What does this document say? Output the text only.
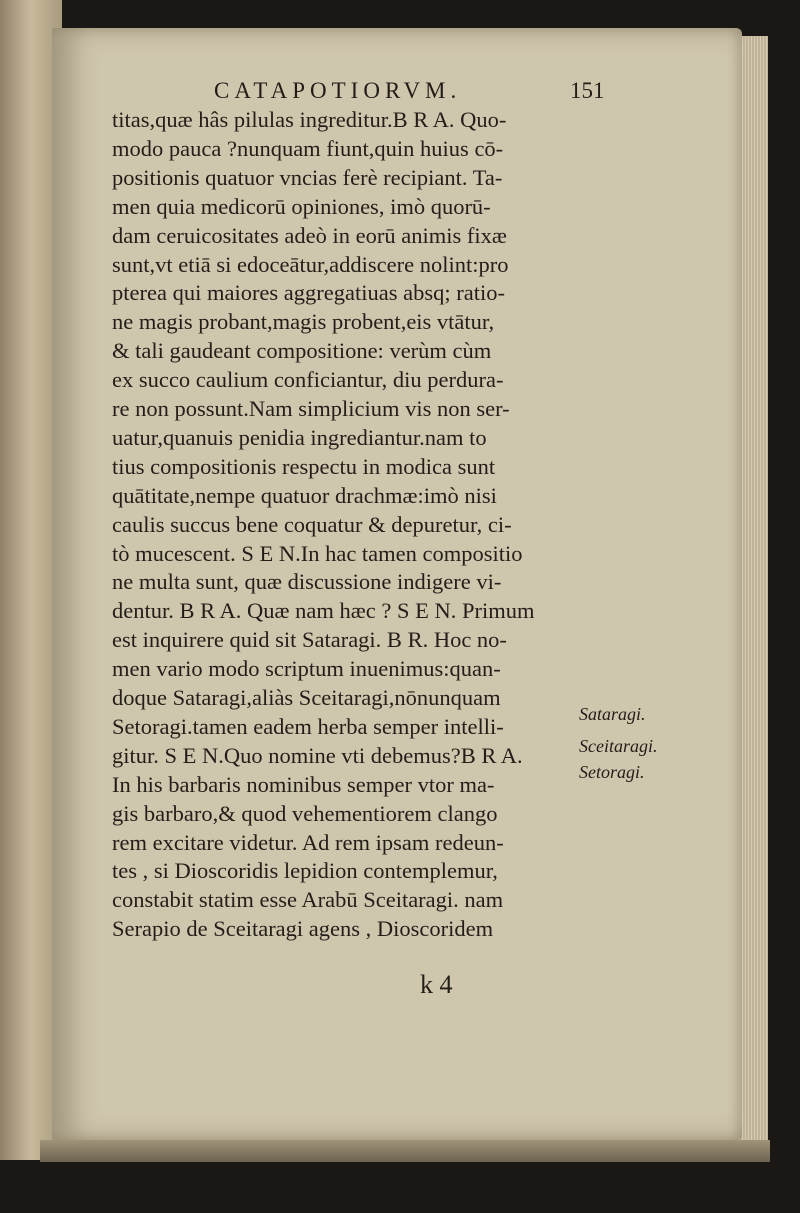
CATAPOTIORVM.	151
titas,quæ hâs pilulas ingreditur.B R A. Quo-
modo pauca ?nunquam fiunt,quin huius cō-
positionis quatuor vncias ferè recipiant. Ta-
men quia medicorū opiniones, imò quorū-
dam ceruicositates adeò in eorū animis fixæ
sunt,vt etiā si edoceātur,addiscere nolint:pro
pterea qui maiores aggregatiuas absq; ratio-
ne magis probant,magis probent,eis vtātur,
& tali gaudeant compositione: verùm cùm
ex succo caulium conficiantur, diu perdura-
re non possunt.Nam simplicium vis non ser-
uatur,quanuis penidia ingrediantur.nam to
tius compositionis respectu in modica sunt
quātitate,nempe quatuor drachmæ:imò nisi
caulis succus bene coquatur & depuretur, ci-
tò mucescent. S E N.In hac tamen compositio
ne multa sunt, quæ discussione indigere vi-
dentur. B R A. Quæ nam hæc ? S E N. Primum
est inquirere quid sit Sataragi. B R. Hoc no-
men vario modo scriptum inuenimus:quan-
doque Sataragi,aliàs Sceitaragi,nōnunquam
Setoragi.tamen eadem herba semper intelli-
gitur. S E N.Quo nomine vti debemus?B R A.
In his barbaris nominibus semper vtor ma-
gis barbaro,& quod vehementiorem clango
rem excitare videtur. Ad rem ipsam redeun-
tes , si Dioscoridis lepidion contemplemur,
constabit statim esse Arabū Sceitaragi. nam
Serapio de Sceitaragi agens , Dioscoridem
Sataragi.
Sceitaragi.
Setoragi.
k 4
